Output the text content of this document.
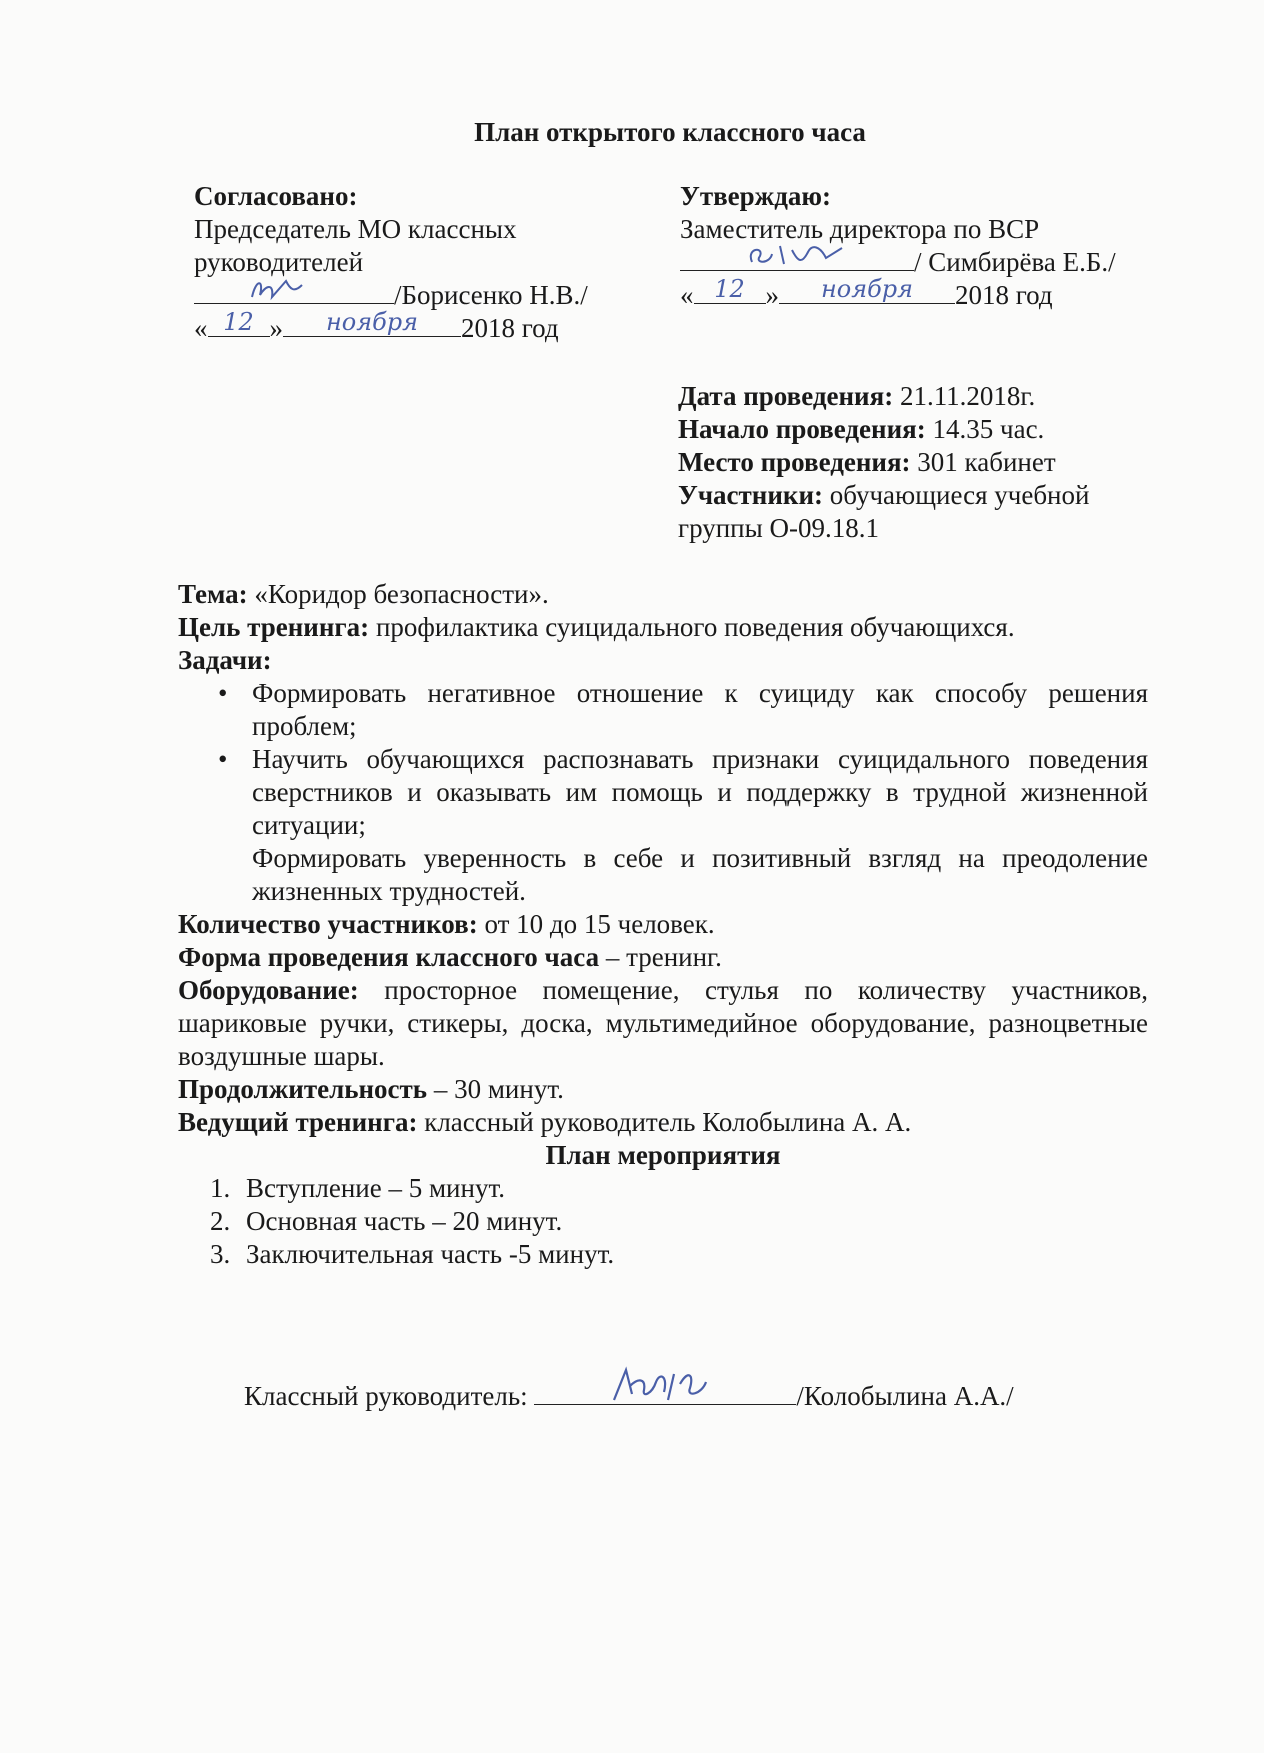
План открытого классного часа
Согласовано:
Председатель МО классных
руководителей
/Борисенко Н.В./
« 12 »	ноября	2018 год
Утверждаю:
Заместитель директора по ВСР
/ Симбирёва Е.Б./
« 12 »	ноября	2018 год
Дата проведения: 21.11.2018г.
Начало проведения: 14.35 час.
Место проведения: 301 кабинет
Участники: обучающиеся учебной
группы О-09.18.1
Тема: «Коридор безопасности».
Цель тренинга: профилактика суицидального поведения обучающихся.
Задачи:
• Формировать негативное отношение к суициду как способу решения проблем;
• Научить обучающихся распознавать признаки суицидального поведения сверстников и оказывать им помощь и поддержку в трудной жизненной ситуации;
Формировать уверенность в себе и позитивный взгляд на преодоление жизненных трудностей.
Количество участников: от 10 до 15 человек.
Форма проведения классного часа – тренинг.
Оборудование: просторное помещение, стулья по количеству участников, шариковые ручки, стикеры, доска, мультимедийное оборудование, разноцветные воздушные шары.
Продолжительность – 30 минут.
Ведущий тренинга: классный руководитель Колобылина А. А.
План мероприятия
1. Вступление – 5 минут.
2. Основная часть – 20 минут.
3. Заключительная часть -5 минут.
Классный руководитель:	/Колобылина А.А./
